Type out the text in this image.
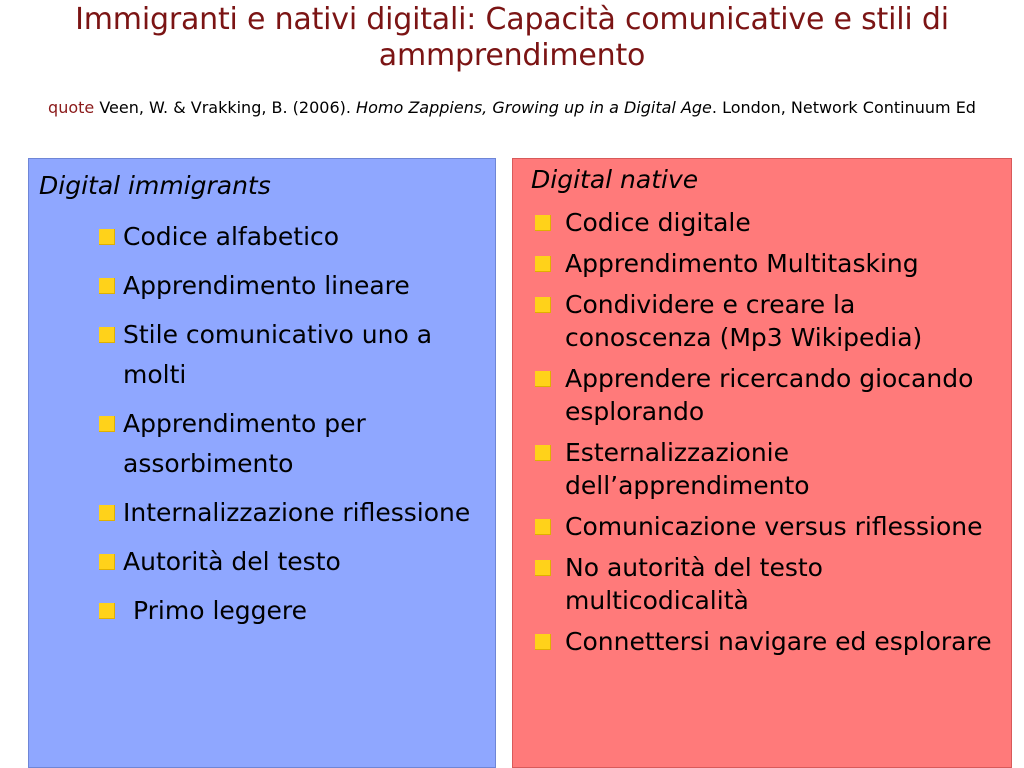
Immigranti e nativi digitali: Capacità comunicative e stili di ammprendimento
quote Veen, W. & Vrakking, B. (2006). Homo Zappiens, Growing up in a Digital Age. London, Network Continuum Ed
Digital immigrants
Codice alfabetico
Apprendimento lineare
Stile comunicativo uno a molti
Apprendimento per assorbimento
Internalizzazione riflessione
Autorità del testo
Primo leggere
Digital native
Codice digitale
Apprendimento Multitasking
Condividere e creare la conoscenza (Mp3 Wikipedia)
Apprendere ricercando giocando esplorando
Esternalizzazionie dell’apprendimento
Comunicazione versus riflessione
No autorità del testo multicodicalità
Connettersi navigare ed esplorare
